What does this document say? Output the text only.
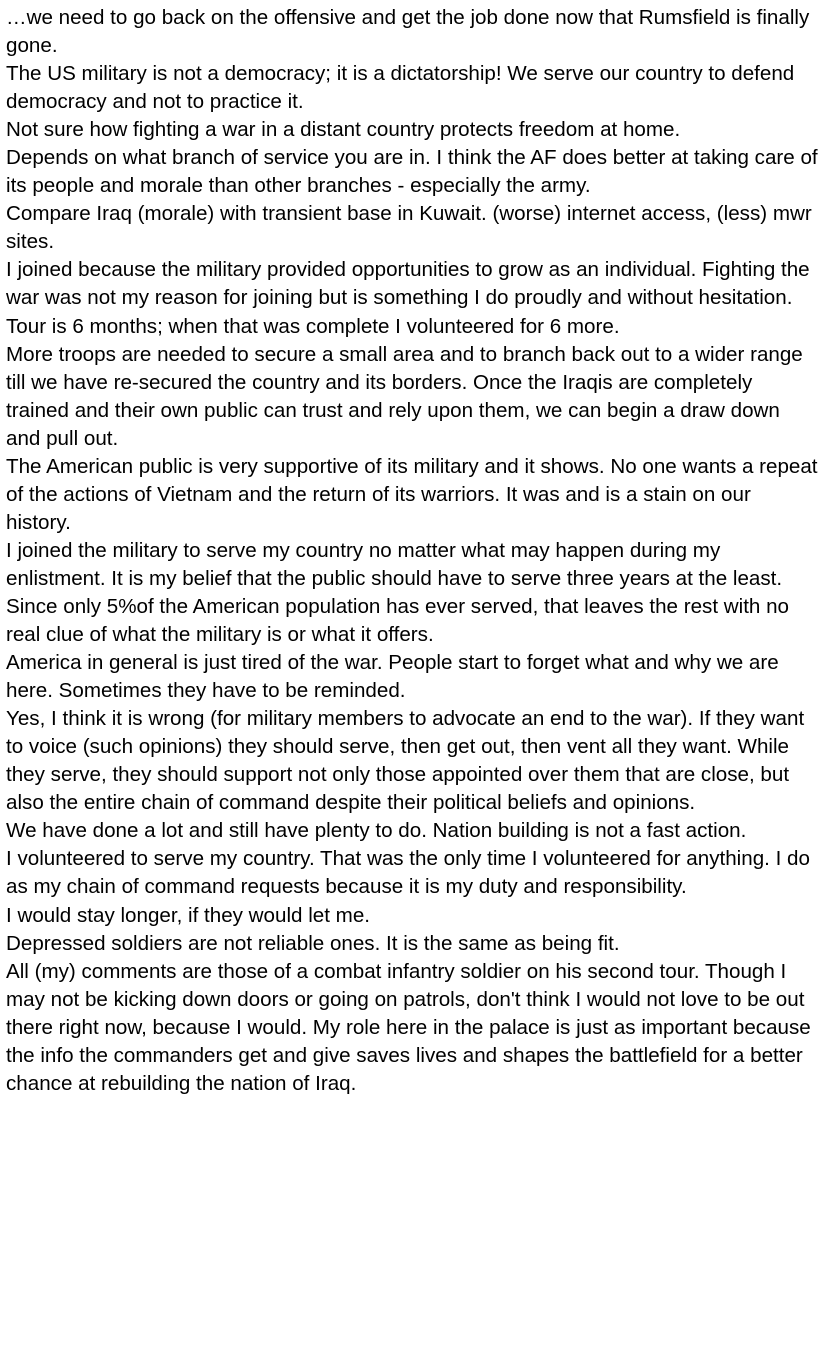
…we need to go back on the offensive and get the job done now that Rumsfield is finally gone.

The US military is not a democracy; it is a dictatorship! We serve our country to defend democracy and not to practice it.

Not sure how fighting a war in a distant country protects freedom at home.

Depends on what branch of service you are in. I think the AF does better at taking care of its people and morale than other branches - especially the army.

Compare Iraq (morale) with transient base in Kuwait. (worse) internet access, (less) mwr sites.

I joined because the military provided opportunities to grow as an individual. Fighting the war was not my reason for joining but is something I do proudly and without hesitation.

Tour is 6 months; when that was complete I volunteered for 6 more.

More troops are needed to secure a small area and to branch back out to a wider range till we have re-secured the country and its borders. Once the Iraqis are completely trained and their own public can trust and rely upon them, we can begin a draw down and pull out.

The American public is very supportive of its military and it shows. No one wants a repeat of the actions of Vietnam and the return of its warriors. It was and is a stain on our history.

I joined the military to serve my country no matter what may happen during my enlistment. It is my belief that the public should have to serve three years at the least. Since only 5%of the American population has ever served, that leaves the rest with no real clue of what the military is or what it offers.

America in general is just tired of the war. People start to forget what and why we are here. Sometimes they have to be reminded.

Yes, I think it is wrong (for military members to advocate an end to the war). If they want to voice (such opinions) they should serve, then get out, then vent all they want. While they serve, they should support not only those appointed over them that are close, but also the entire chain of command despite their political beliefs and opinions.

We have done a lot and still have plenty to do. Nation building is not a fast action.

I volunteered to serve my country. That was the only time I volunteered for anything. I do as my chain of command requests because it is my duty and responsibility.

I would stay longer, if they would let me.

Depressed soldiers are not reliable ones. It is the same as being fit.

All (my) comments are those of a combat infantry soldier on his second tour. Though I may not be kicking down doors or going on patrols, don't think I would not love to be out there right now, because I would. My role here in the palace is just as important because the info the commanders get and give saves lives and shapes the battlefield for a better chance at rebuilding the nation of Iraq.
